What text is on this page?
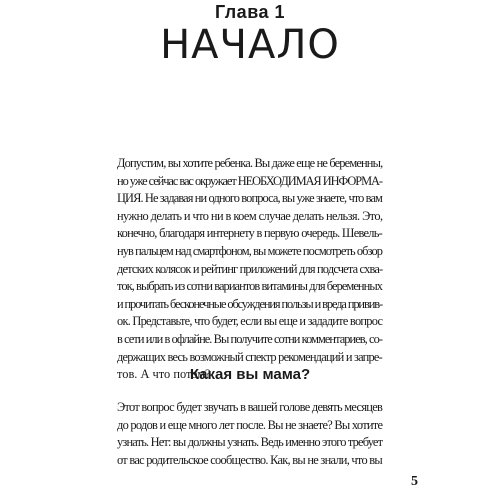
Глава 1
НАЧАЛО
Допустим, вы хотите ребенка. Вы даже еще не беременны,
но уже сейчас вас окружает НЕОБХОДИМАЯ ИНФОРМА-
ЦИЯ. Не задавая ни одного вопроса, вы уже знаете, что вам
нужно делать и что ни в коем случае делать нельзя. Это,
конечно, благодаря интернету в первую очередь. Шевель-
нув пальцем над смартфоном, вы можете посмотреть обзор
детских колясок и рейтинг приложений для подсчета схва-
ток, выбрать из сотни вариантов витамины для беременных
и прочитать бесконечные обсуждения пользы и вреда привив-
ок. Представьте, что будет, если вы еще и зададите вопрос
в сети или в офлайне. Вы получите сотни комментариев, со-
держащих весь возможный спектр рекомендаций и запре-
тов. А что потом?
Какая вы мама?
Этот вопрос будет звучать в вашей голове девять месяцев
до родов и еще много лет после. Вы не знаете? Вы хотите
узнать. Нет: вы должны узнать. Ведь именно этого требует
от вас родительское сообщество. Как, вы не знали, что вы
5
